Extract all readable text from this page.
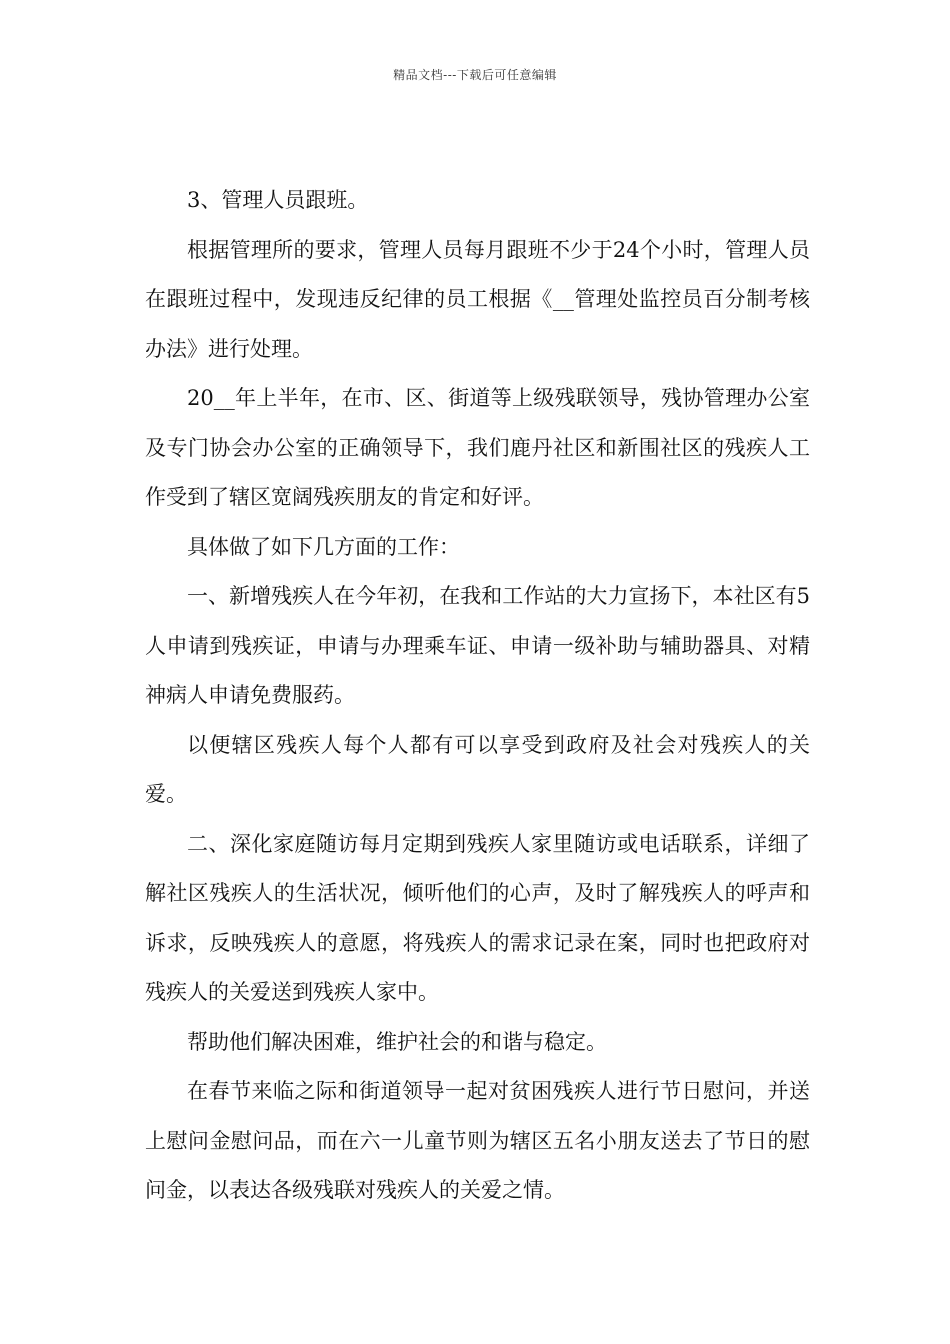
精品文档---下载后可任意编辑

3、管理人员跟班。

根据管理所的要求，管理人员每月跟班不少于24个小时，管理人员在跟班过程中，发现违反纪律的员工根据《__管理处监控员百分制考核办法》进行处理。

20__年上半年，在市、区、街道等上级残联领导，残协管理办公室及专门协会办公室的正确领导下，我们鹿丹社区和新围社区的残疾人工作受到了辖区宽阔残疾朋友的肯定和好评。

具体做了如下几方面的工作：

一、新增残疾人在今年初，在我和工作站的大力宣扬下，本社区有5人申请到残疾证，申请与办理乘车证、申请一级补助与辅助器具、对精神病人申请免费服药。

以便辖区残疾人每个人都有可以享受到政府及社会对残疾人的关爱。

二、深化家庭随访每月定期到残疾人家里随访或电话联系，详细了解社区残疾人的生活状况，倾听他们的心声，及时了解残疾人的呼声和诉求，反映残疾人的意愿，将残疾人的需求记录在案，同时也把政府对残疾人的关爱送到残疾人家中。

帮助他们解决困难，维护社会的和谐与稳定。

在春节来临之际和街道领导一起对贫困残疾人进行节日慰问，并送上慰问金慰问品，而在六一儿童节则为辖区五名小朋友送去了节日的慰问金，以表达各级残联对残疾人的关爱之情。
